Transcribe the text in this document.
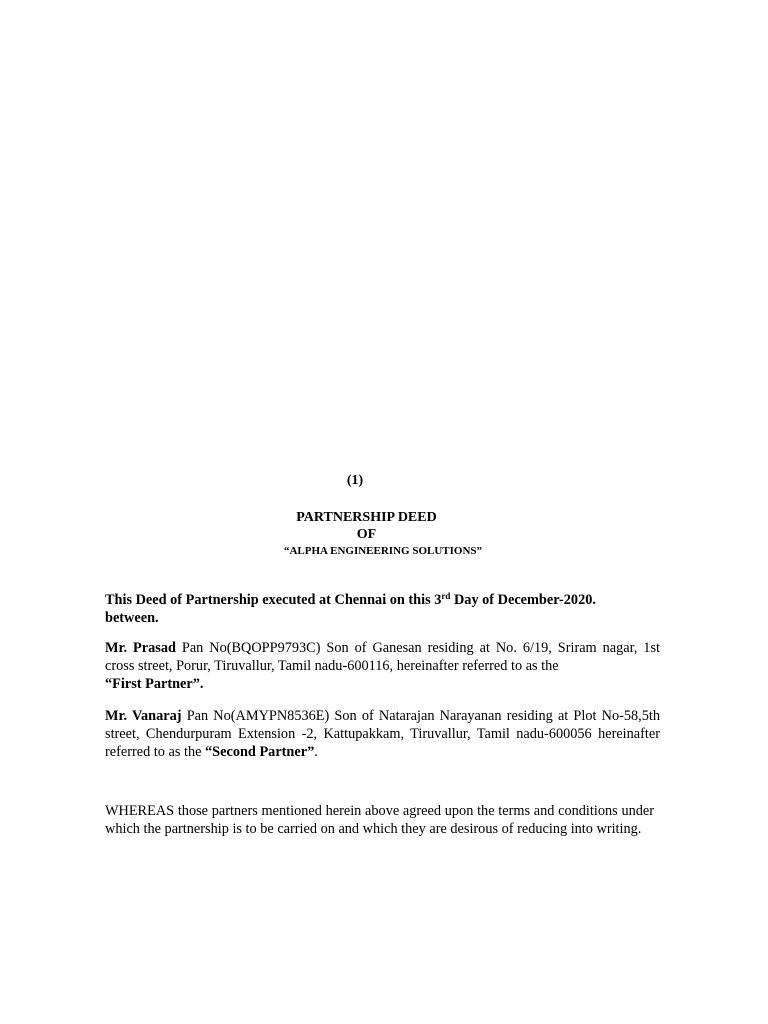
(1)
PARTNERSHIP DEED
OF
“ALPHA ENGINEERING SOLUTIONS”
This Deed of Partnership executed at Chennai on this 3rd Day of December-2020.
between.
Mr. Prasad Pan No(BQOPP9793C) Son of Ganesan residing at No. 6/19, Sriram nagar, 1st cross street, Porur, Tiruvallur, Tamil nadu-600116, hereinafter referred to as the
“First Partner”.
Mr. Vanaraj Pan No(AMYPN8536E) Son of Natarajan Narayanan residing at Plot No-58,5th street, Chendurpuram Extension -2, Kattupakkam, Tiruvallur, Tamil nadu-600056 hereinafter referred to as the “Second Partner”.
WHEREAS those partners mentioned herein above agreed upon the terms and conditions under which the partnership is to be carried on and which they are desirous of reducing into writing.
